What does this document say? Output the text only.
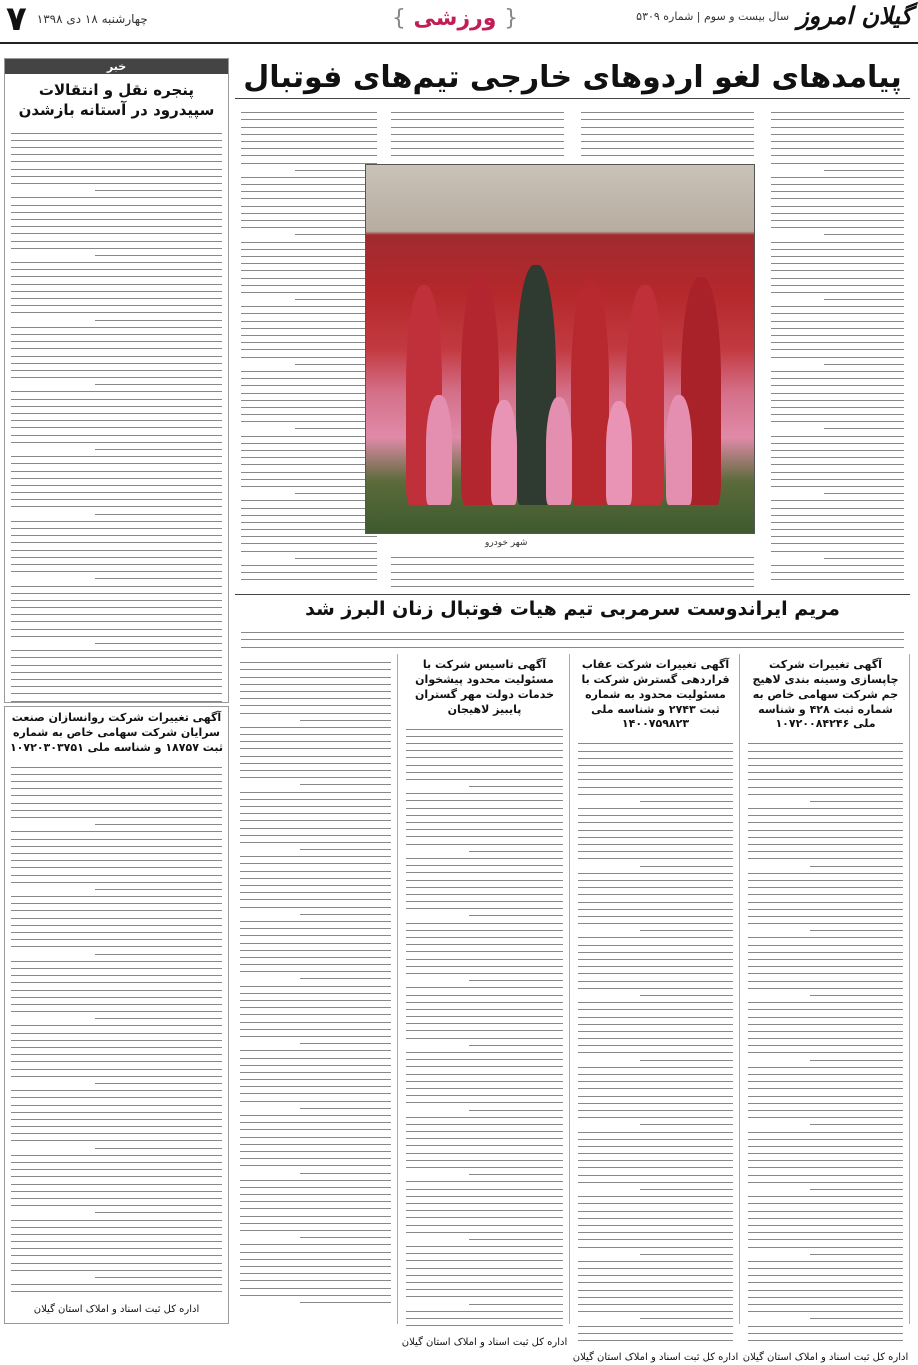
گیلان امروز
سال بیست و سوم | شماره ۵۳۰۹
{ ورزشی }
چهارشنبه ۱۸ دی ۱۳۹۸
۷
خبر
پنجره نقل و انتقالات سپیدرود در آستانه بازشدن
پیامدهای لغو اردوهای خارجی تیم‌های فوتبال
شهر خودرو
مریم ایراندوست سرمربی تیم هیات فوتبال زنان البرز شد
آگهی تغییرات شرکت چاپسازی وسینه بندی لاهیج جم شرکت سهامی خاص به شماره ثبت ۴۲۸ و شناسه ملی ۱۰۷۲۰۰۸۴۲۴۶
اداره کل ثبت اسناد و املاک استان گیلان
آگهی تغییرات شرکت عقاب قراردهی گسترش شرکت با مسئولیت محدود به شماره ثبت ۲۷۴۳ و شناسه ملی ۱۴۰۰۷۵۹۸۲۳
اداره کل ثبت اسناد و املاک استان گیلان
آگهی تاسیس شرکت با مسئولیت محدود پیشخوان خدمات دولت مهر گستران پایبیز لاهیجان
اداره کل ثبت اسناد و املاک استان گیلان
آگهی تغییرات شرکت روانسازان صنعت سرایان شرکت سهامی خاص به شماره ثبت ۱۸۷۵۷ و شناسه ملی ۱۰۷۲۰۳۰۳۷۵۱
اداره کل ثبت اسناد و املاک استان گیلان
